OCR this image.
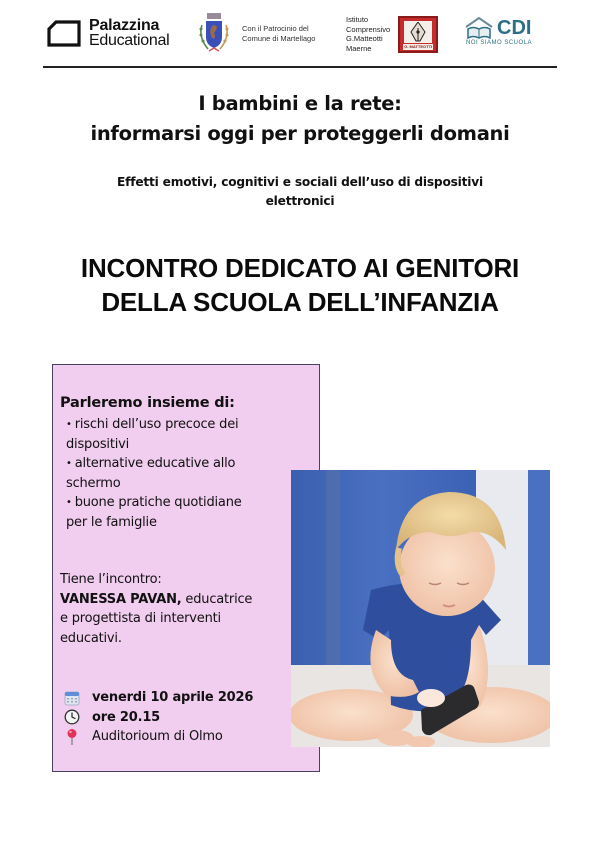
Palazzina
Educational
Con il Patrocinio del
Comune di Martellago
Istituto
Comprensivo
G.Matteotti
Maerne	G. MATTEOTTI
CDI
NOI SIAMO SCUOLA
I bambini e la rete:
informarsi oggi per proteggerli domani
Effetti emotivi, cognitivi e sociali dell’uso di dispositivi
elettronici
INCONTRO DEDICATO AI GENITORI
DELLA SCUOLA DELL’INFANZIA
Parleremo insieme di:
• rischi dell’uso precoce dei
dispositivi
• alternative educative allo
schermo
• buone pratiche quotidiane
per le famiglie
Tiene l’incontro:
VANESSA PAVAN, educatrice
e progettista di interventi
educativi.
venerdi 10 aprile 2026
ore 20.15
Auditorioum di Olmo
